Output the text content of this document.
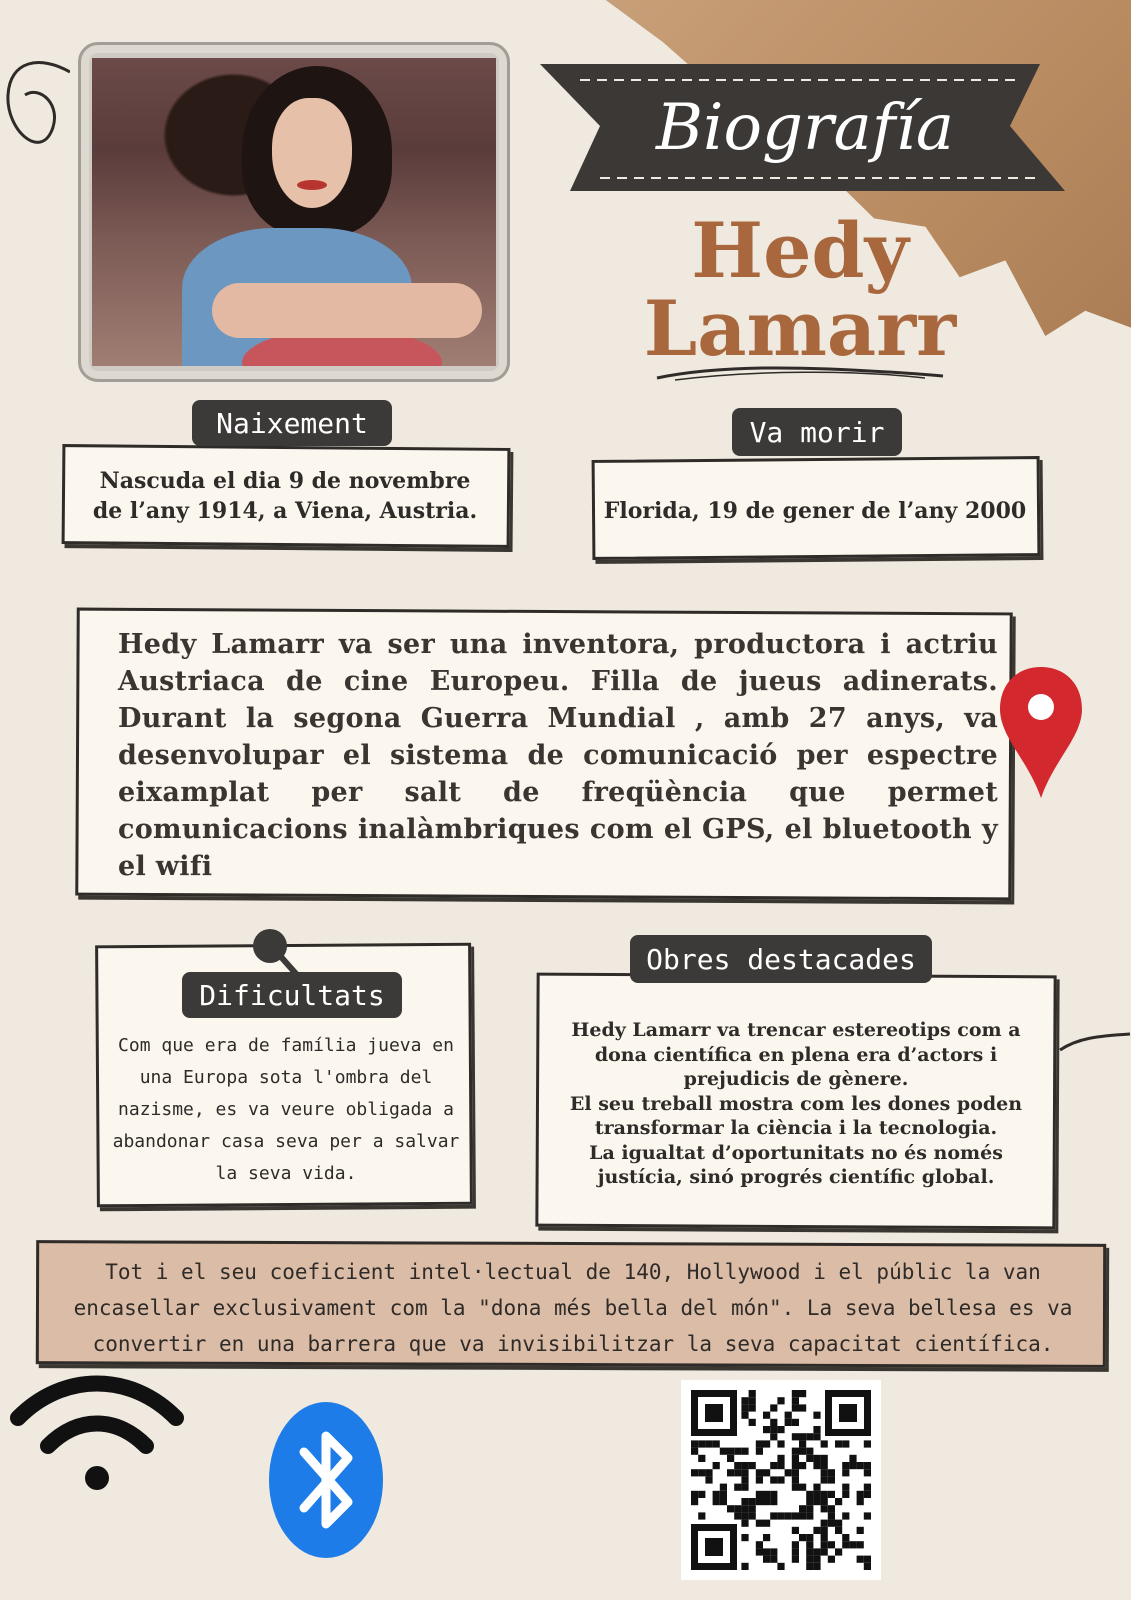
Biografía
Hedy
Lamarr
Naixement
Nascuda el dia 9 de novembre de l’any 1914, a Viena, Austria.
Va morir
Florida, 19 de gener de l’any 2000
Hedy Lamarr va ser una inventora, productora i actriu Austriaca de cine Europeu. Filla de jueus adinerats. Durant la segona Guerra Mundial , amb 27 anys, va desenvolupar el sistema de comunicació per espectre eixamplat per salt de freqüència que permet comunicacions inalàmbriques com el GPS, el bluetooth y el wifi
Dificultats
Com que era de família jueva en una Europa sota l'ombra del nazisme, es va veure obligada a abandonar casa seva per a salvar la seva vida.
Obres destacades
Hedy Lamarr va trencar estereotips com a dona científica en plena era d’actors i prejudicis de gènere.
El seu treball mostra com les dones poden transformar la ciència i la tecnologia.
La igualtat d’oportunitats no és només justícia, sinó progrés científic global.
Tot i el seu coeficient intel·lectual de 140, Hollywood i el públic la van encasellar exclusivament com la "dona més bella del món". La seva bellesa es va convertir en una barrera que va invisibilitzar la seva capacitat científica.
